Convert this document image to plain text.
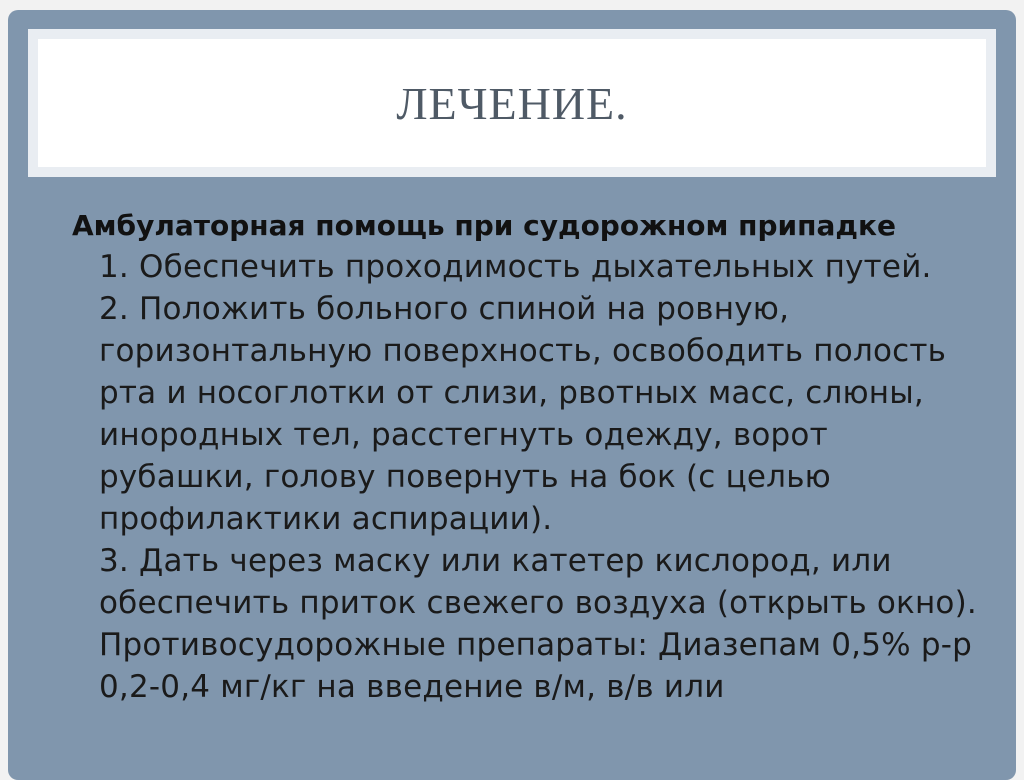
ЛЕЧЕНИЕ.

Амбулаторная помощь при судорожном припадке

1. Обеспечить проходимость дыхательных путей.
2. Положить больного спиной на ровную, горизонтальную поверхность, освободить полость рта и носоглотки от слизи, рвотных масс, слюны, инородных тел, расстегнуть одежду, ворот рубашки, голову повернуть на бок (с целью профилактики аспирации).
3. Дать через маску или катетер кислород, или обеспечить приток свежего воздуха (открыть окно).
Противосудорожные препараты: Диазепам 0,5% р-р 0,2-0,4 мг/кг на введение в/м, в/в или
